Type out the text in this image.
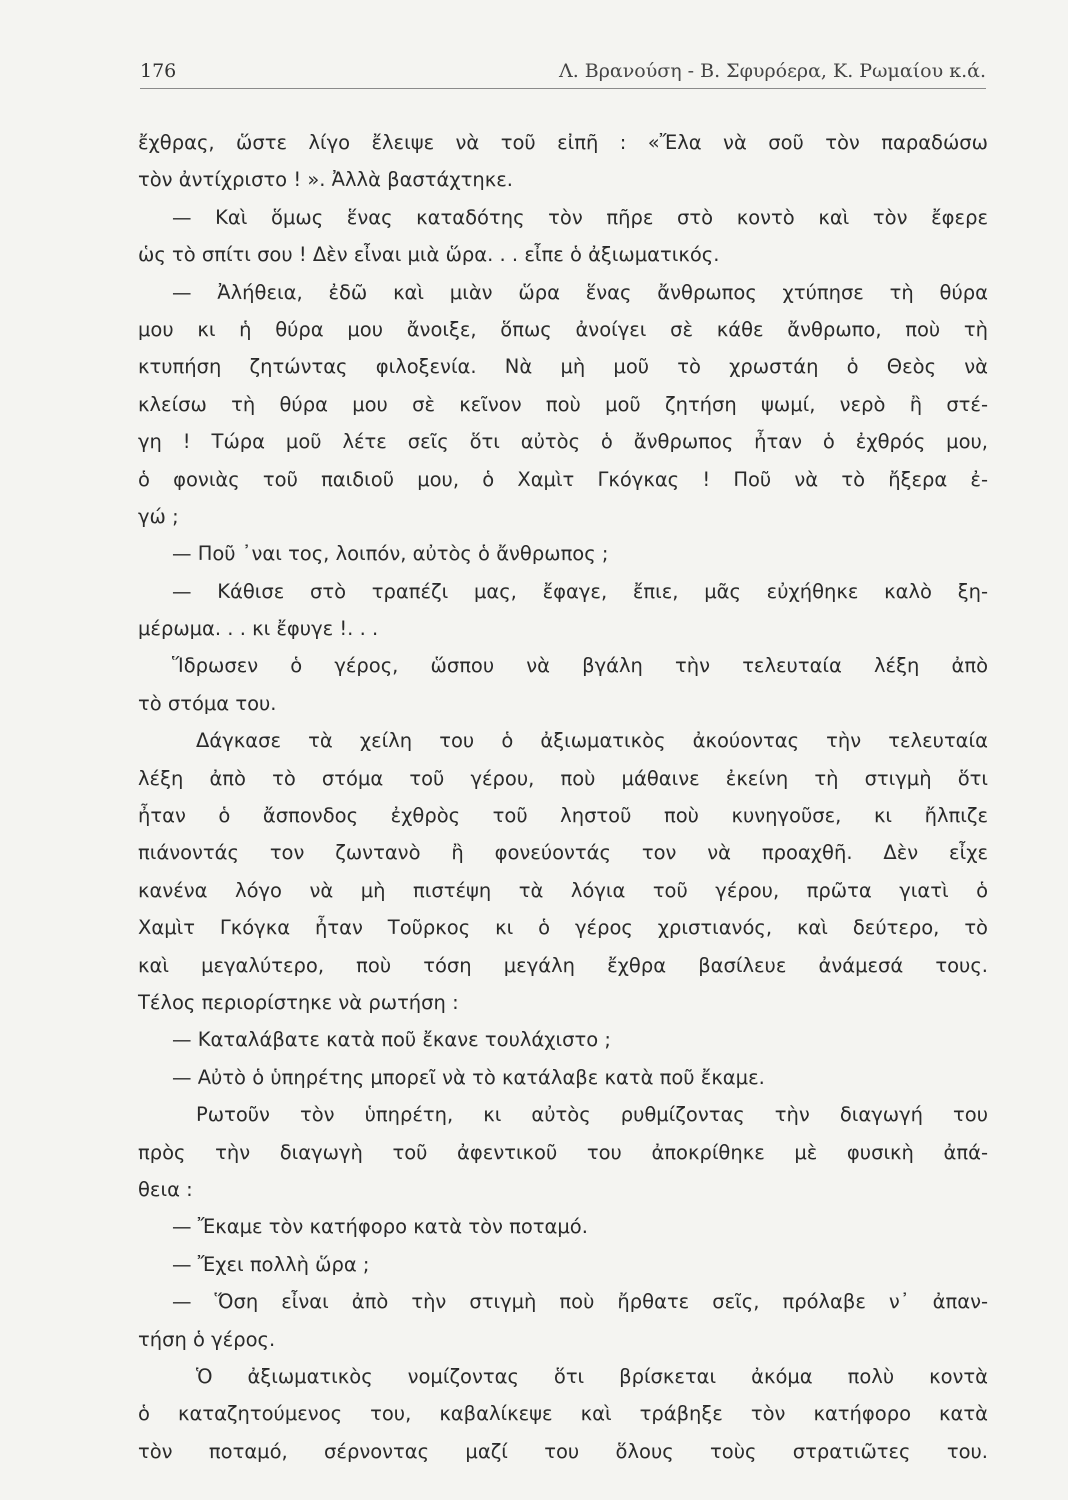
176	Λ. Βρανούση - Β. Σφυρόερα, Κ. Ρωμαίου κ.ά.
ἔχθρας, ὥστε λίγο ἔλειψε νὰ τοῦ εἰπῆ : «Ἔλα νὰ σοῦ τὸν παραδώσω
τὸν ἀντίχριστο ! ». Ἀλλὰ βαστάχτηκε.
— Καὶ ὅμως ἕνας καταδότης τὸν πῆρε στὸ κοντὸ καὶ τὸν ἔφερε
ὡς τὸ σπίτι σου ! Δὲν εἶναι μιὰ ὥρα. . . εἶπε ὁ ἀξιωματικός.
— Ἀλήθεια, ἐδῶ καὶ μιὰν ὥρα ἕνας ἄνθρωπος χτύπησε τὴ θύρα
μου κι ἡ θύρα μου ἄνοιξε, ὅπως ἀνοίγει σὲ κάθε ἄνθρωπο, ποὺ τὴ
κτυπήση ζητώντας φιλοξενία. Νὰ μὴ μοῦ τὸ χρωστάη ὁ Θεὸς νὰ
κλείσω τὴ θύρα μου σὲ κεῖνον ποὺ μοῦ ζητήση ψωμί, νερὸ ἢ στέ-
γη ! Τώρα μοῦ λέτε σεῖς ὅτι αὐτὸς ὁ ἄνθρωπος ἦταν ὁ ἐχθρός μου,
ὁ φονιὰς τοῦ παιδιοῦ μου, ὁ Χαμὶτ Γκόγκας ! Ποῦ νὰ τὸ ἤξερα ἐ-
γώ ;
— Ποῦ ᾿ναι τος, λοιπόν, αὐτὸς ὁ ἄνθρωπος ;
— Κάθισε στὸ τραπέζι μας, ἔφαγε, ἔπιε, μᾶς εὐχήθηκε καλὸ ξη-
μέρωμα. . . κι ἔφυγε !. . .
Ἵδρωσεν ὁ γέρος, ὥσπου νὰ βγάλη τὴν τελευταία λέξη ἀπὸ
τὸ στόμα του.
Δάγκασε τὰ χείλη του ὁ ἀξιωματικὸς ἀκούοντας τὴν τελευταία
λέξη ἀπὸ τὸ στόμα τοῦ γέρου, ποὺ μάθαινε ἐκείνη τὴ στιγμὴ ὅτι
ἦταν ὁ ἄσπονδος ἐχθρὸς τοῦ ληστοῦ ποὺ κυνηγοῦσε, κι ἤλπιζε
πιάνοντάς τον ζωντανὸ ἢ φονεύοντάς τον νὰ προαχθῆ. Δὲν εἶχε
κανένα λόγο νὰ μὴ πιστέψη τὰ λόγια τοῦ γέρου, πρῶτα γιατὶ ὁ
Χαμὶτ Γκόγκα ἦταν Τοῦρκος κι ὁ γέρος χριστιανός, καὶ δεύτερο, τὸ
καὶ μεγαλύτερο, ποὺ τόση μεγάλη ἔχθρα βασίλευε ἀνάμεσά τους.
Τέλος περιορίστηκε νὰ ρωτήση :
— Καταλάβατε κατὰ ποῦ ἔκανε τουλάχιστο ;
— Αὐτὸ ὁ ὑπηρέτης μπορεῖ νὰ τὸ κατάλαβε κατὰ ποῦ ἔκαμε.
Ρωτοῦν τὸν ὑπηρέτη, κι αὐτὸς ρυθμίζοντας τὴν διαγωγή του
πρὸς τὴν διαγωγὴ τοῦ ἀφεντικοῦ του ἀποκρίθηκε μὲ φυσικὴ ἀπά-
θεια :
— Ἔκαμε τὸν κατήφορο κατὰ τὸν ποταμό.
— Ἔχει πολλὴ ὥρα ;
— Ὅση εἶναι ἀπὸ τὴν στιγμὴ ποὺ ἤρθατε σεῖς, πρόλαβε ν᾿ ἀπαν-
τήση ὁ γέρος.
Ὁ ἀξιωματικὸς νομίζοντας ὅτι βρίσκεται ἀκόμα πολὺ κοντὰ
ὁ καταζητούμενος του, καβαλίκεψε καὶ τράβηξε τὸν κατήφορο κατὰ
τὸν ποταμό, σέρνοντας μαζί του ὅλους τοὺς στρατιῶτες του.
